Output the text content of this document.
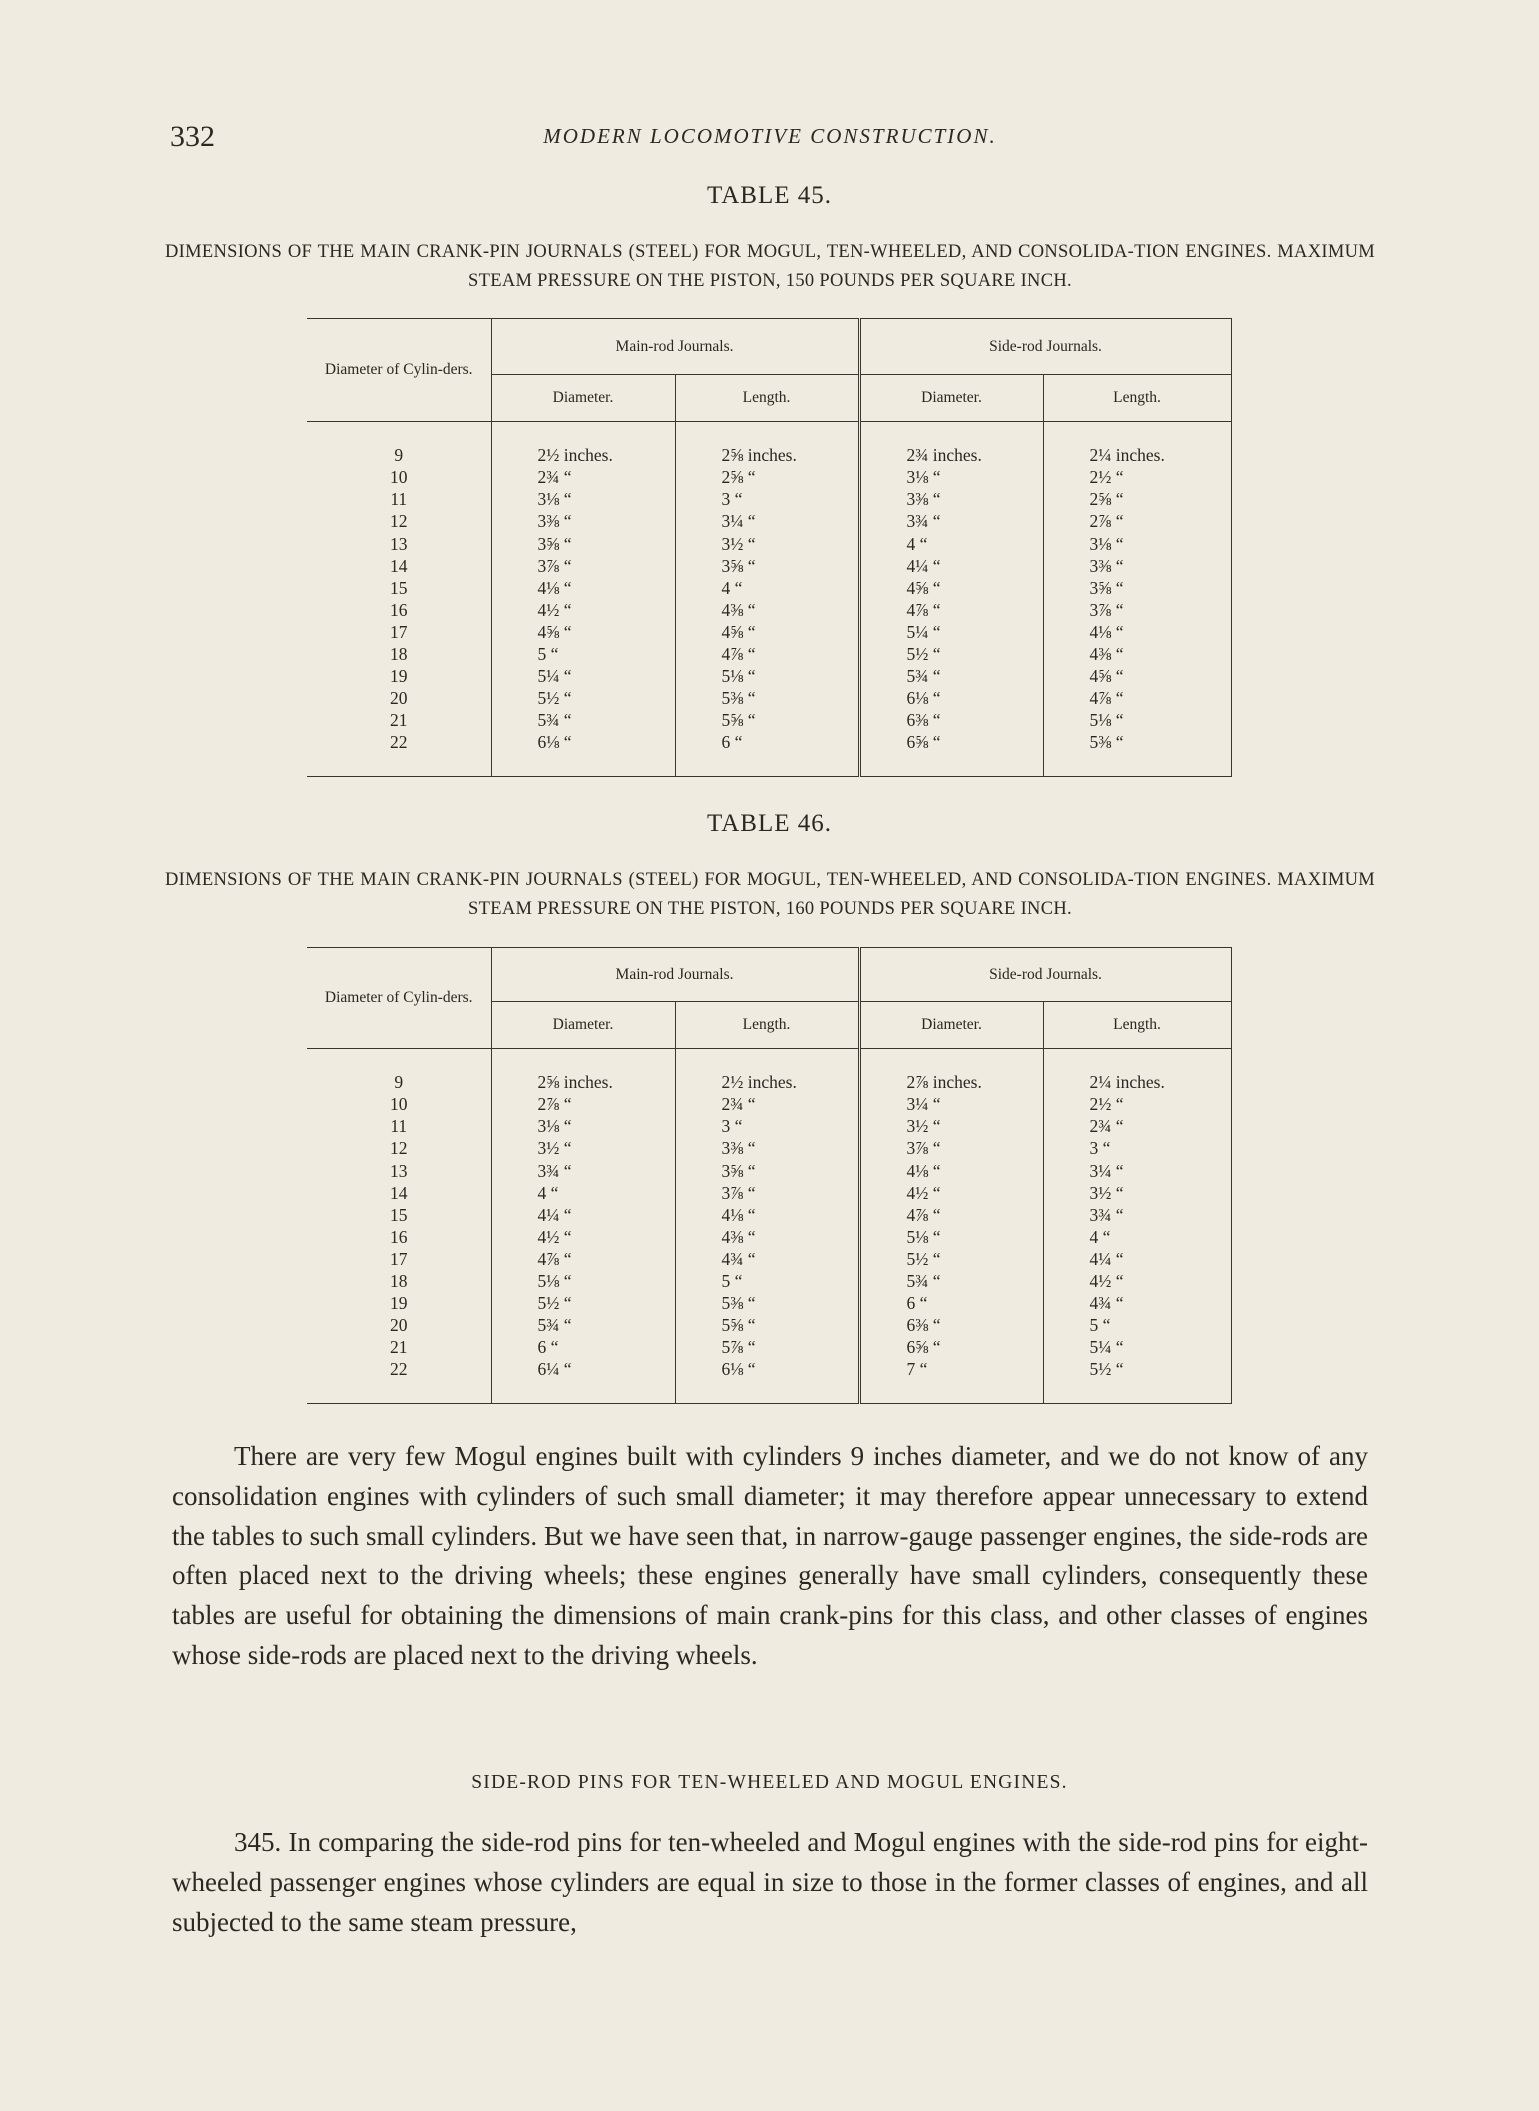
332	MODERN LOCOMOTIVE CONSTRUCTION.
TABLE 45.
DIMENSIONS OF THE MAIN CRANK-PIN JOURNALS (STEEL) FOR MOGUL, TEN-WHEELED, AND CONSOLIDA-TION ENGINES. MAXIMUM STEAM PRESSURE ON THE PISTON, 150 POUNDS PER SQUARE INCH.
Diameter of Cylin-ders.	Main-rod Journals.		Side-rod Journals.	
	Diameter.	Length.	Diameter.	Length.

9	2½ inches.	2⅝ inches.	2¾ inches.	2¼ inches.
10	2¾ “	2⅝ “	3⅛ “	2½ “
11	3⅛ “	3 “	3⅜ “	2⅝ “
12	3⅜ “	3¼ “	3¾ “	2⅞ “
13	3⅝ “	3½ “	4 “	3⅛ “
14	3⅞ “	3⅝ “	4¼ “	3⅜ “
15	4⅛ “	4 “	4⅝ “	3⅝ “
16	4½ “	4⅜ “	4⅞ “	3⅞ “
17	4⅝ “	4⅝ “	5¼ “	4⅛ “
18	5 “	4⅞ “	5½ “	4⅜ “
19	5¼ “	5⅛ “	5¾ “	4⅝ “
20	5½ “	5⅜ “	6⅛ “	4⅞ “
21	5¾ “	5⅝ “	6⅜ “	5⅛ “
22	6⅛ “	6 “	6⅝ “	5⅜ “

TABLE 46.
DIMENSIONS OF THE MAIN CRANK-PIN JOURNALS (STEEL) FOR MOGUL, TEN-WHEELED, AND CONSOLIDA-TION ENGINES. MAXIMUM STEAM PRESSURE ON THE PISTON, 160 POUNDS PER SQUARE INCH.
Diameter of Cylin-ders.	Main-rod Journals.		Side-rod Journals.	
	Diameter.	Length.	Diameter.	Length.

9	2⅝ inches.	2½ inches.	2⅞ inches.	2¼ inches.
10	2⅞ “	2¾ “	3¼ “	2½ “
11	3⅛ “	3 “	3½ “	2¾ “
12	3½ “	3⅜ “	3⅞ “	3 “
13	3¾ “	3⅝ “	4⅛ “	3¼ “
14	4 “	3⅞ “	4½ “	3½ “
15	4¼ “	4⅛ “	4⅞ “	3¾ “
16	4½ “	4⅜ “	5⅛ “	4 “
17	4⅞ “	4¾ “	5½ “	4¼ “
18	5⅛ “	5 “	5¾ “	4½ “
19	5½ “	5⅜ “	6 “	4¾ “
20	5¾ “	5⅝ “	6⅜ “	5 “
21	6 “	5⅞ “	6⅝ “	5¼ “
22	6¼ “	6⅛ “	7 “	5½ “

There are very few Mogul engines built with cylinders 9 inches diameter, and we do not know of any consolidation engines with cylinders of such small diameter; it may therefore appear unnecessary to extend the tables to such small cylinders. But we have seen that, in narrow-gauge passenger engines, the side-rods are often placed next to the driving wheels; these engines generally have small cylinders, consequently these tables are useful for obtaining the dimensions of main crank-pins for this class, and other classes of engines whose side-rods are placed next to the driving wheels.

SIDE-ROD PINS FOR TEN-WHEELED AND MOGUL ENGINES.

345. In comparing the side-rod pins for ten-wheeled and Mogul engines with the side-rod pins for eight-wheeled passenger engines whose cylinders are equal in size to those in the former classes of engines, and all subjected to the same steam pressure,
